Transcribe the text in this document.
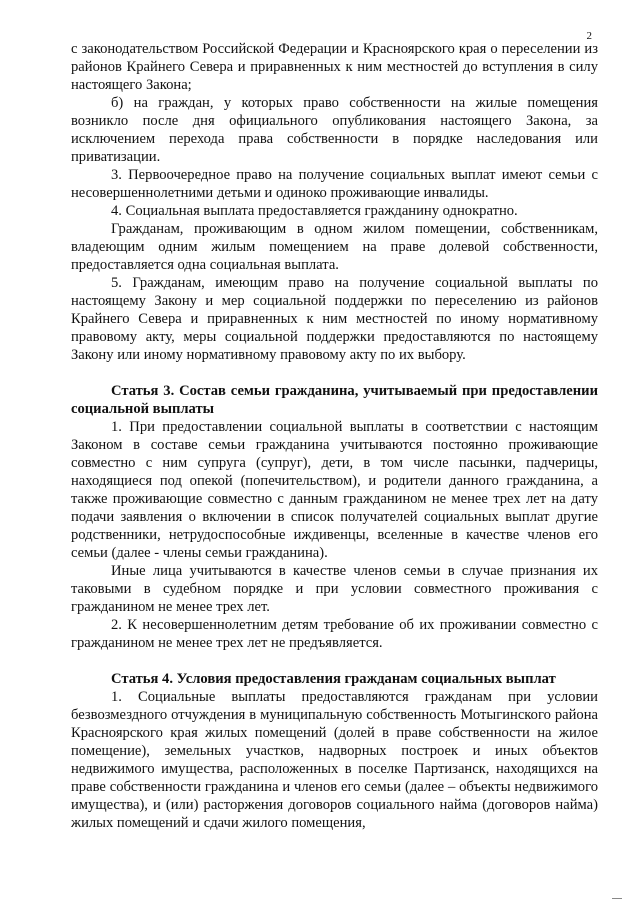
2

с законодательством Российской Федерации и Красноярского края о переселении из районов Крайнего Севера и приравненных к ним местностей до вступления в силу настоящего Закона;

б) на граждан, у которых право собственности на жилые помещения возникло после дня официального опубликования настоящего Закона, за исключением перехода права собственности в порядке наследования или приватизации.

3. Первоочередное право на получение социальных выплат имеют семьи с несовершеннолетними детьми и одиноко проживающие инвалиды.

4. Социальная выплата предоставляется гражданину однократно.

Гражданам, проживающим в одном жилом помещении, собственникам, владеющим одним жилым помещением на праве долевой собственности, предоставляется одна социальная выплата.

5. Гражданам, имеющим право на получение социальной выплаты по настоящему Закону и мер социальной поддержки по переселению из районов Крайнего Севера и приравненных к ним местностей по иному нормативному правовому акту, меры социальной поддержки предоставляются по настоящему Закону или иному нормативному правовому акту по их выбору.

Статья 3. Состав семьи гражданина, учитываемый при предоставлении социальной выплаты

1. При предоставлении социальной выплаты в соответствии с настоящим Законом в составе семьи гражданина учитываются постоянно проживающие совместно с ним супруга (супруг), дети, в том числе пасынки, падчерицы, находящиеся под опекой (попечительством), и родители данного гражданина, а также проживающие совместно с данным гражданином не менее трех лет на дату подачи заявления о включении в список получателей социальных выплат другие родственники, нетрудоспособные иждивенцы, вселенные в качестве членов его семьи (далее - члены семьи гражданина).

Иные лица учитываются в качестве членов семьи в случае признания их таковыми в судебном порядке и при условии совместного проживания с гражданином не менее трех лет.

2. К несовершеннолетним детям требование об их проживании совместно с гражданином не менее трех лет не предъявляется.

Статья 4. Условия предоставления гражданам социальных выплат

1. Социальные выплаты предоставляются гражданам при условии безвозмездного отчуждения в муниципальную собственность Мотыгинского района Красноярского края жилых помещений (долей в праве собственности на жилое помещение), земельных участков, надворных построек и иных объектов недвижимого имущества, расположенных в поселке Партизанск, находящихся на праве собственности гражданина и членов его семьи (далее – объекты недвижимого имущества), и (или) расторжения договоров социального найма (договоров найма) жилых помещений и сдачи жилого помещения,
